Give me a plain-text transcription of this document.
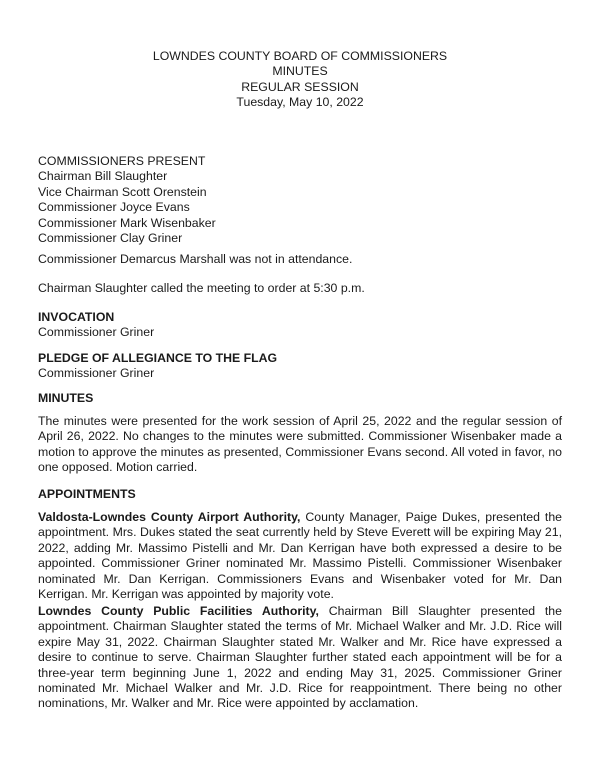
LOWNDES COUNTY BOARD OF COMMISSIONERS
MINUTES
REGULAR SESSION
Tuesday, May 10, 2022
COMMISSIONERS PRESENT
Chairman Bill Slaughter
Vice Chairman Scott Orenstein
Commissioner Joyce Evans
Commissioner Mark Wisenbaker
Commissioner Clay Griner
Commissioner Demarcus Marshall was not in attendance.
Chairman Slaughter called the meeting to order at 5:30 p.m.
INVOCATION
Commissioner Griner
PLEDGE OF ALLEGIANCE TO THE FLAG
Commissioner Griner
MINUTES
The minutes were presented for the work session of April 25, 2022 and the regular session of April 26, 2022. No changes to the minutes were submitted. Commissioner Wisenbaker made a motion to approve the minutes as presented, Commissioner Evans second. All voted in favor, no one opposed. Motion carried.
APPOINTMENTS
Valdosta-Lowndes County Airport Authority, County Manager, Paige Dukes, presented the appointment. Mrs. Dukes stated the seat currently held by Steve Everett will be expiring May 21, 2022, adding Mr. Massimo Pistelli and Mr. Dan Kerrigan have both expressed a desire to be appointed. Commissioner Griner nominated Mr. Massimo Pistelli. Commissioner Wisenbaker nominated Mr. Dan Kerrigan. Commissioners Evans and Wisenbaker voted for Mr. Dan Kerrigan. Mr. Kerrigan was appointed by majority vote.
Lowndes County Public Facilities Authority, Chairman Bill Slaughter presented the appointment. Chairman Slaughter stated the terms of Mr. Michael Walker and Mr. J.D. Rice will expire May 31, 2022. Chairman Slaughter stated Mr. Walker and Mr. Rice have expressed a desire to continue to serve. Chairman Slaughter further stated each appointment will be for a three-year term beginning June 1, 2022 and ending May 31, 2025. Commissioner Griner nominated Mr. Michael Walker and Mr. J.D. Rice for reappointment. There being no other nominations, Mr. Walker and Mr. Rice were appointed by acclamation.
